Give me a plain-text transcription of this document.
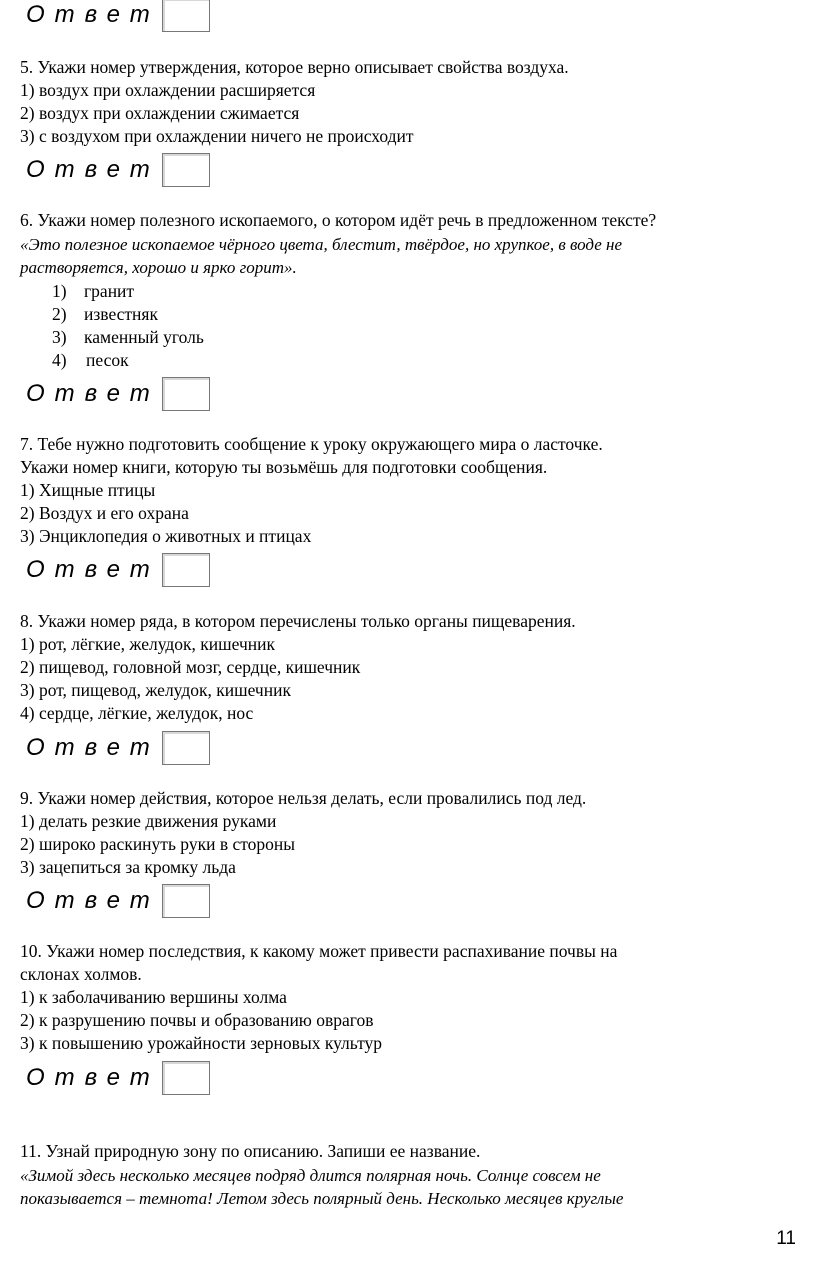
Ответ
5. Укажи номер утверждения, которое верно описывает свойства воздуха.
1) воздух при охлаждении расширяется
2) воздух при охлаждении сжимается
3) с воздухом при охлаждении ничего не происходит
Ответ
6. Укажи номер полезного ископаемого, о котором идёт речь в предложенном тексте?
«Это полезное ископаемое чёрного цвета, блестит, твёрдое, но хрупкое, в воде не
растворяется, хорошо и ярко горит».
1) гранит
2) известняк
3) каменный уголь
4) песок
Ответ
7. Тебе нужно подготовить сообщение к уроку окружающего мира о ласточке.
Укажи номер книги, которую ты возьмёшь для подготовки сообщения.
1) Хищные птицы
2) Воздух и его охрана
3) Энциклопедия о животных и птицах
Ответ
8. Укажи номер ряда, в котором перечислены только органы пищеварения.
1) рот, лёгкие, желудок, кишечник
2) пищевод, головной мозг, сердце, кишечник
3) рот, пищевод, желудок, кишечник
4) сердце, лёгкие, желудок, нос
Ответ
9. Укажи номер действия, которое нельзя делать, если провалились под лед.
1) делать резкие движения руками
2) широко раскинуть руки в стороны
3) зацепиться за кромку льда
Ответ
10. Укажи номер последствия, к какому может привести распахивание почвы на
склонах холмов.
1) к заболачиванию вершины холма
2) к разрушению почвы и образованию оврагов
3) к повышению урожайности зерновых культур
Ответ
11. Узнай природную зону по описанию. Запиши ее название.
«Зимой здесь несколько месяцев подряд длится полярная ночь. Солнце совсем не
показывается – темнота! Летом здесь полярный день. Несколько месяцев круглые
11
